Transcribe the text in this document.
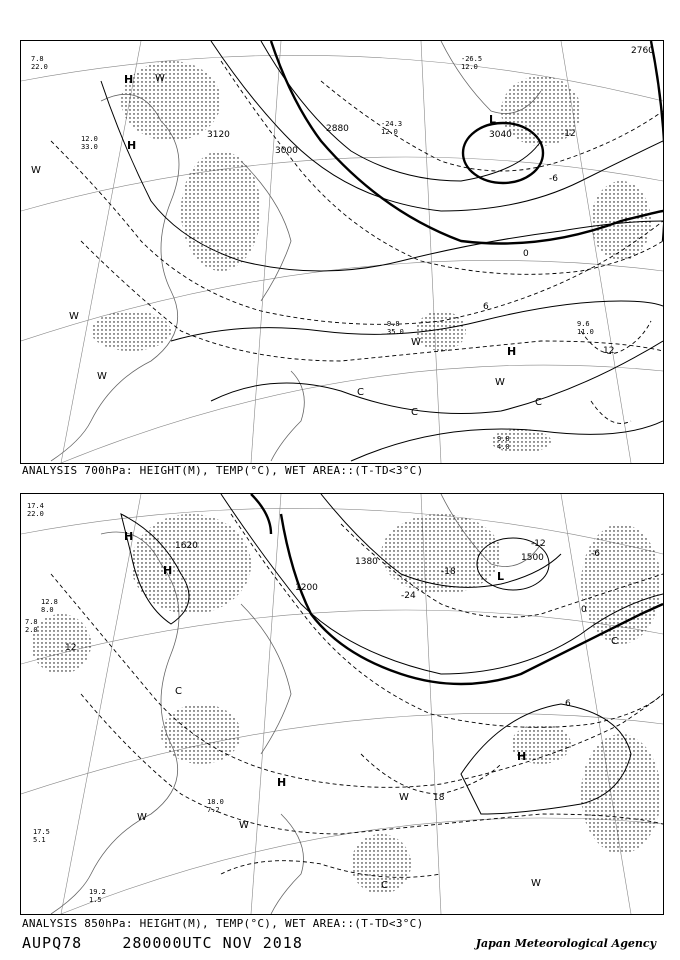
7.8 22.0
12.0 33.0
-26.5 12.0
-24.3 12.0
9.8 35.0
9.6 11.0
9.8 4.0
2760
2880
3000
3120	3040	-12
-6
0
6
12
H
H
L
H
C
C
C
W
W
W
W
W
W
ANALYSIS 700hPa: HEIGHT(M), TEMP(°C), WET AREA::(T-TD<3°C)
17.4 22.0
12.8 8.0
7.8 2.0
17.5 5.1
18.0 7.2
19.2 1.5
1620
1380	1500
1200
-24
-18
-12
-6
0
6
12
18
H
H
H
H
L
C
C
C
W
W
W
W
ANALYSIS 850hPa: HEIGHT(M), TEMP(°C), WET AREA::(T-TD<3°C)
AUPQ78	280000UTC NOV 2018	Japan Meteorological Agency
